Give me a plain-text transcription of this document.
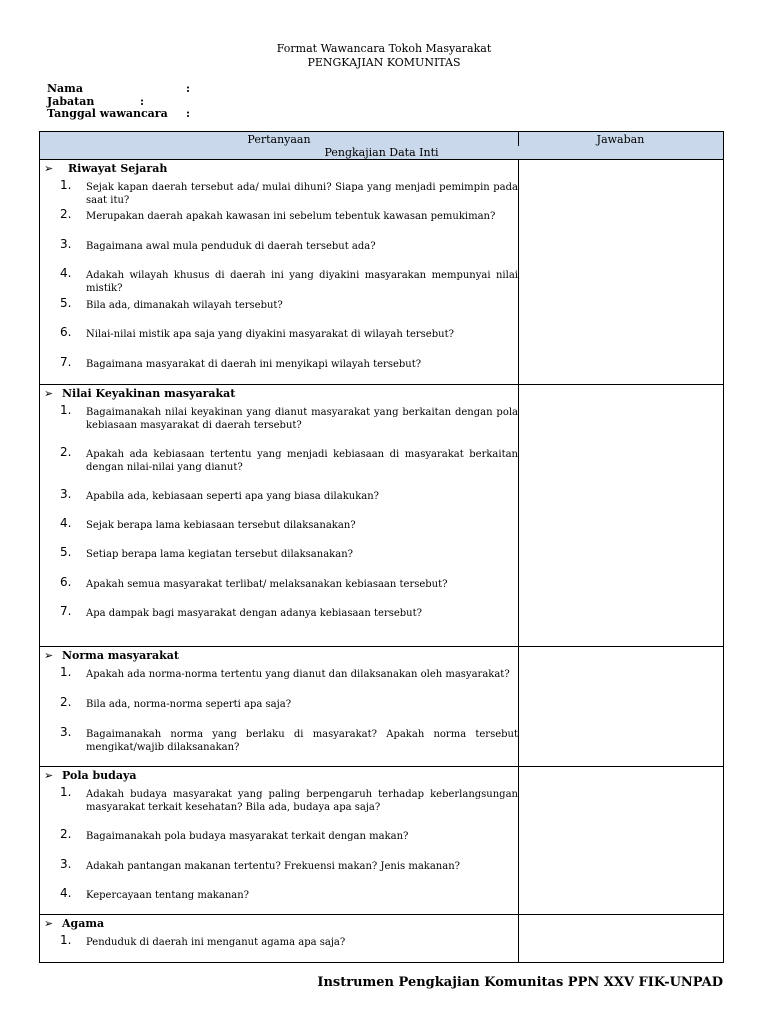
Format Wawancara Tokoh Masyarakat
PENGKAJIAN KOMUNITAS
Nama	:
Jabatan	:
Tanggal wawancara :
Pertanyaan	Jawaban
Pengkajian Data Inti
➢ Riwayat Sejarah
1. Sejak kapan daerah tersebut ada/ mulai dihuni? Siapa yang menjadi pemimpin pada saat itu?
2. Merupakan daerah apakah kawasan ini sebelum tebentuk kawasan pemukiman?
3. Bagaimana awal mula penduduk di daerah tersebut ada?
4. Adakah wilayah khusus di daerah ini yang diyakini masyarakan mempunyai nilai mistik?
5. Bila ada, dimanakah wilayah tersebut?
6. Nilai-nilai mistik apa saja yang diyakini masyarakat di wilayah tersebut?
7. Bagaimana masyarakat di daerah ini menyikapi wilayah tersebut?
➢ Nilai Keyakinan masyarakat
1. Bagaimanakah nilai keyakinan yang dianut masyarakat yang berkaitan dengan pola kebiasaan masyarakat di daerah tersebut?
2. Apakah ada kebiasaan tertentu yang menjadi kebiasaan di masyarakat berkaitan dengan nilai-nilai yang dianut?
3. Apabila ada, kebiasaan seperti apa yang biasa dilakukan?
4. Sejak berapa lama kebiasaan tersebut dilaksanakan?
5. Setiap berapa lama kegiatan tersebut dilaksanakan?
6. Apakah semua masyarakat terlibat/ melaksanakan kebiasaan tersebut?
7. Apa dampak bagi masyarakat dengan adanya kebiasaan tersebut?
➢ Norma masyarakat
1. Apakah ada norma-norma tertentu yang dianut dan dilaksanakan oleh masyarakat?
2. Bila ada, norma-norma seperti apa saja?
3. Bagaimanakah norma yang berlaku di masyarakat? Apakah norma tersebut mengikat/wajib dilaksanakan?
➢ Pola budaya
1. Adakah budaya masyarakat yang paling berpengaruh terhadap keberlangsungan masyarakat terkait kesehatan? Bila ada, budaya apa saja?
2. Bagaimanakah pola budaya masyarakat terkait dengan makan?
3. Adakah pantangan makanan tertentu? Frekuensi makan? Jenis makanan?
4. Kepercayaan tentang makanan?
➢ Agama
1. Penduduk di daerah ini menganut agama apa saja?
Instrumen Pengkajian Komunitas PPN XXV FIK-UNPAD
